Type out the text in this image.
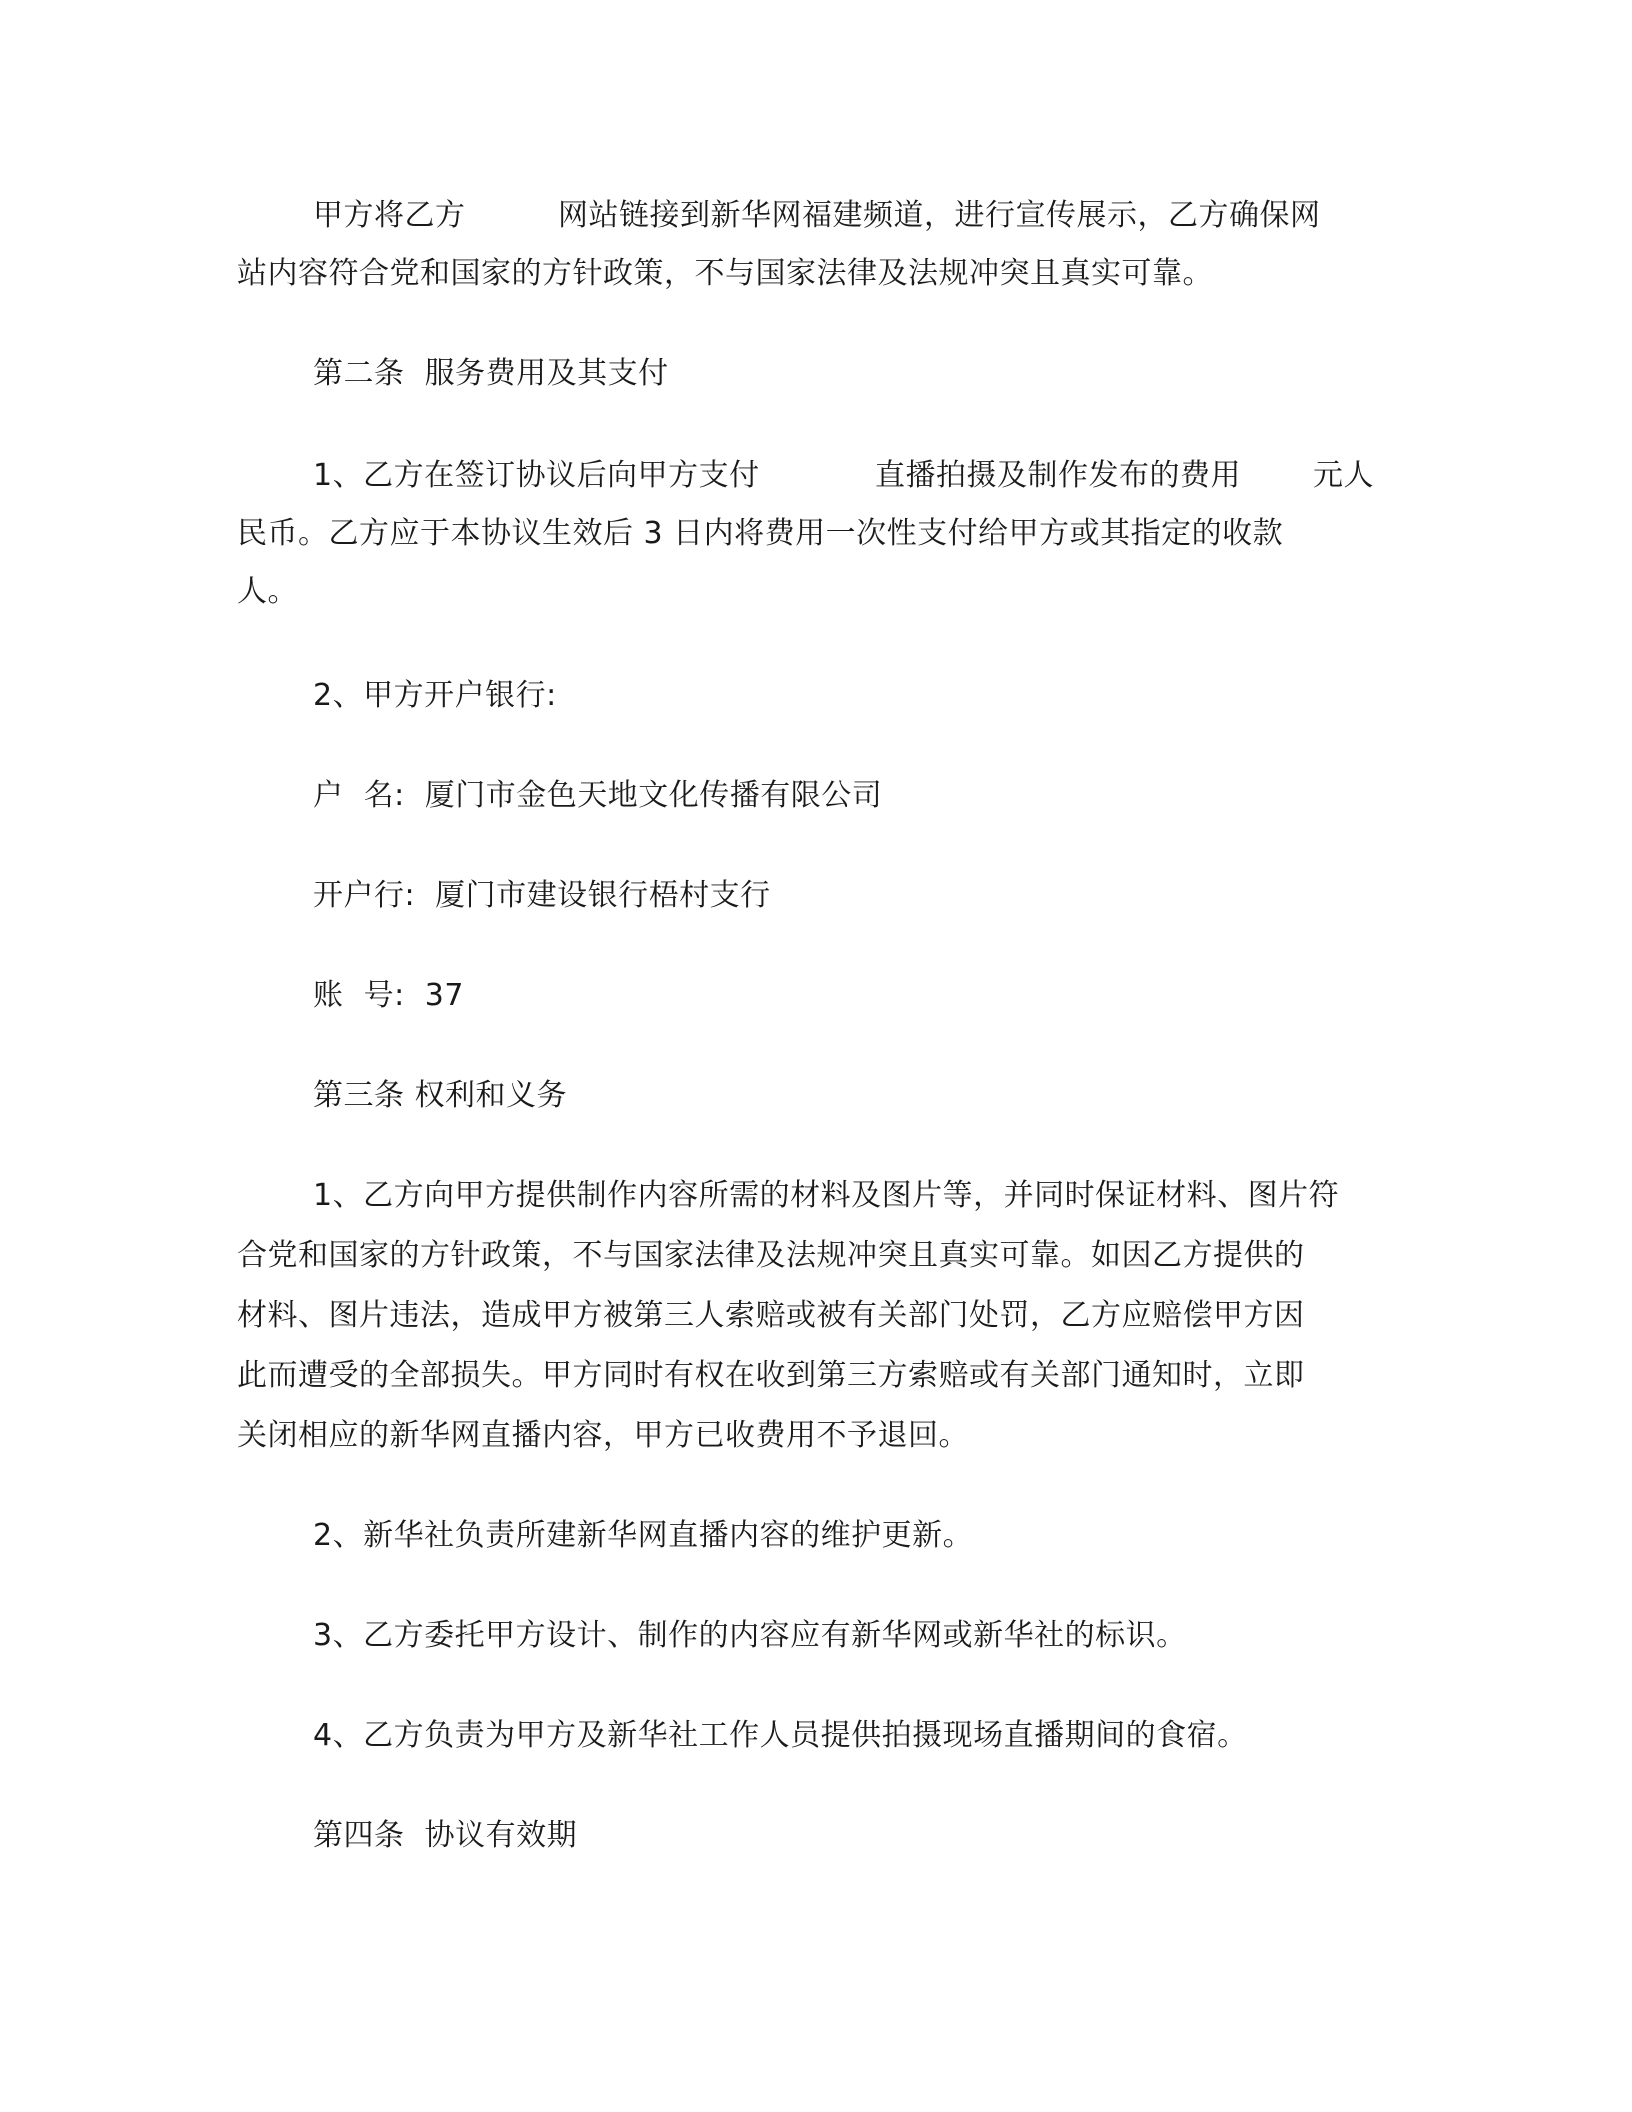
甲方将乙方

	网站链接到新华网福建频道，进行宣传展示，乙方确保网

站内容符合党和国家的方针政策，不与国家法律及法规冲突且真实可靠。
第二条  服务费用及其支付

1、乙方在签订协议后向甲方支付

	直播拍摄及制作发布的费用

元人

民币。乙方应于本协议生效后 3 日内将费用一次性支付给甲方或其指定的收款
人。
2、甲方开户银行:
户  名:  厦门市金色天地文化传播有限公司
开户行:  厦门市建设银行梧村支行
账  号:  37
第三条 权利和义务
1、乙方向甲方提供制作内容所需的材料及图片等，并同时保证材料、图片符
合党和国家的方针政策，不与国家法律及法规冲突且真实可靠。如因乙方提供的
材料、图片违法，造成甲方被第三人索赔或被有关部门处罚，乙方应赔偿甲方因
此而遭受的全部损失。甲方同时有权在收到第三方索赔或有关部门通知时，立即
关闭相应的新华网直播内容，甲方已收费用不予退回。
2、新华社负责所建新华网直播内容的维护更新。
3、乙方委托甲方设计、制作的内容应有新华网或新华社的标识。
4、乙方负责为甲方及新华社工作人员提供拍摄现场直播期间的食宿。
第四条  协议有效期
